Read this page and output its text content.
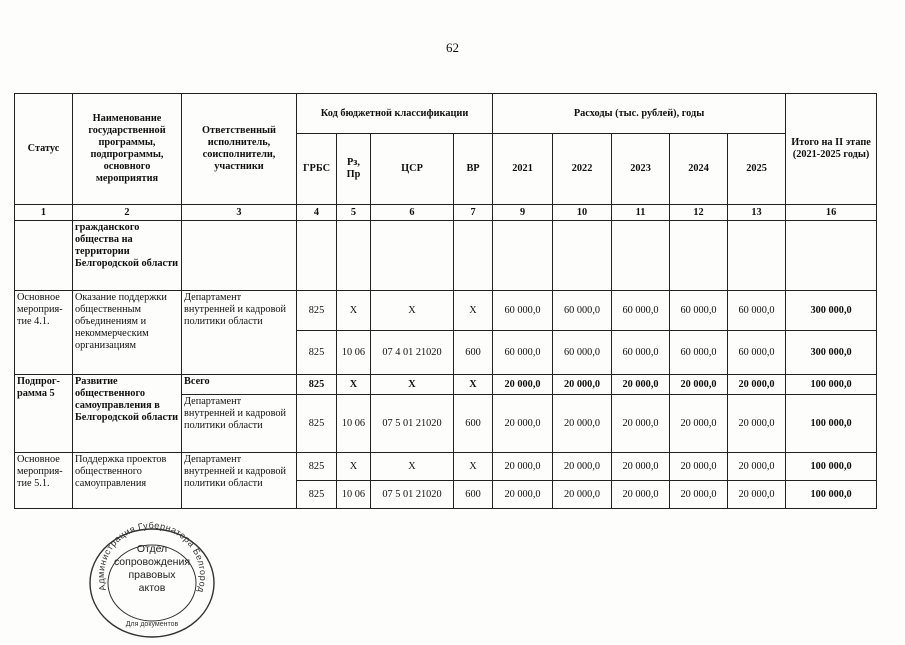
62
Статус	Наименование государственной программы, подпрограммы, основного мероприятия	Ответственный исполнитель, соисполнители, участники	Код бюджетной классификации				Расходы (тыс. рублей), годы					Итого на II этапе (2021-2025 годы)
			ГРБС	Рз, Пр	ЦСР	ВР	2021	2022	2023	2024	2025	
1	2	3	4	5	6	7	9	10	11	12	13	16
	гражданского общества на территории Белгородской области											
Основное мероприя-тие 4.1.	Оказание поддержки общественным объединениям и некоммерческим организациям	Департамент внутренней и кадровой политики области	825	Х	Х	Х	60 000,0	60 000,0	60 000,0	60 000,0	60 000,0	300 000,0
			825	10 06	07 4 01 21020	600	60 000,0	60 000,0	60 000,0	60 000,0	60 000,0	300 000,0
Подпрог-рамма 5	Развитие общественного самоуправления в Белгородской области	Всего	825	Х	Х	Х	20 000,0	20 000,0	20 000,0	20 000,0	20 000,0	100 000,0
		Департамент внутренней и кадровой политики области	825	10 06	07 5 01 21020	600	20 000,0	20 000,0	20 000,0	20 000,0	20 000,0	100 000,0
Основное мероприя-тие 5.1.	Поддержка проектов общественного самоуправления	Департамент внутренней и кадровой политики области	825	Х	Х	Х	20 000,0	20 000,0	20 000,0	20 000,0	20 000,0	100 000,0
			825	10 06	07 5 01 21020	600	20 000,0	20 000,0	20 000,0	20 000,0	20 000,0	100 000,0
Администрация Губернатора Белгород
Для документов
Отдел
сопровождения
правовых
актов
